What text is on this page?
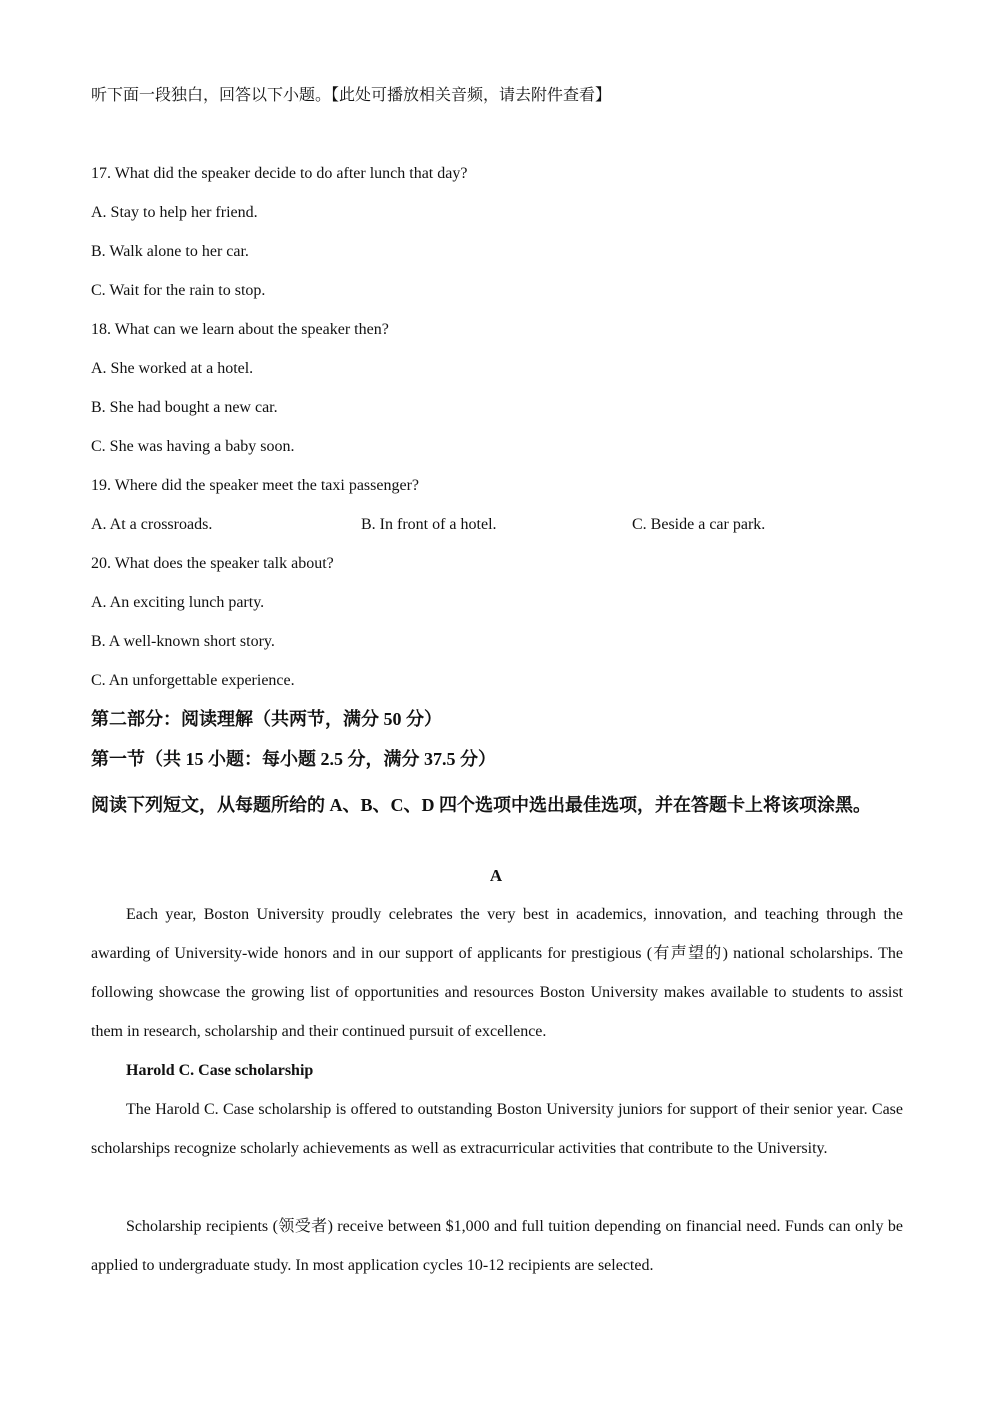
听下面一段独白，回答以下小题。【此处可播放相关音频，请去附件查看】
17. What did the speaker decide to do after lunch that day?
A. Stay to help her friend.
B. Walk alone to her car.
C. Wait for the rain to stop.
18. What can we learn about the speaker then?
A. She worked at a hotel.
B. She had bought a new car.
C. She was having a baby soon.
19. Where did the speaker meet the taxi passenger?
A. At a crossroads.	B. In front of a hotel.	C. Beside a car park.
20. What does the speaker talk about?
A. An exciting lunch party.
B. A well-known short story.
C. An unforgettable experience.
第二部分：阅读理解（共两节，满分 50 分）
第一节（共 15 小题：每小题 2.5 分，满分 37.5 分）
阅读下列短文，从每题所给的 A、B、C、D 四个选项中选出最佳选项，并在答题卡上将该项涂黑。
A
Each year, Boston University proudly celebrates the very best in academics, innovation, and teaching through the awarding of University-wide honors and in our support of applicants for prestigious (有声望的) national scholarships. The following showcase the growing list of opportunities and resources Boston University makes available to students to assist them in research, scholarship and their continued pursuit of excellence.
Harold C. Case scholarship
The Harold C. Case scholarship is offered to outstanding Boston University juniors for support of their senior year. Case scholarships recognize scholarly achievements as well as extracurricular activities that contribute to the University.
Scholarship recipients (领受者) receive between $1,000 and full tuition depending on financial need. Funds can only be applied to undergraduate study. In most application cycles 10-12 recipients are selected.
